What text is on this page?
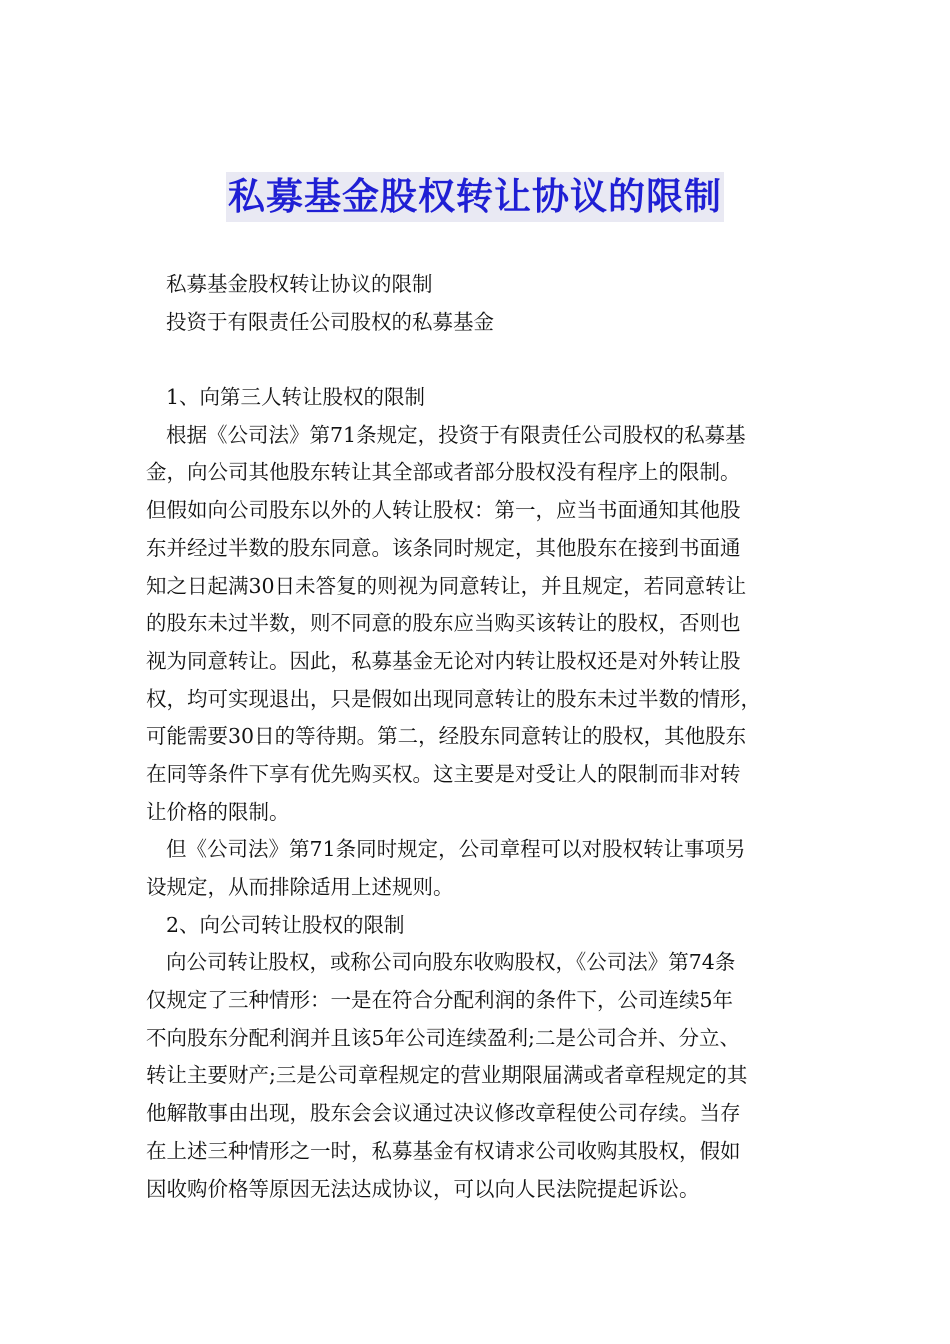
私募基金股权转让协议的限制
私募基金股权转让协议的限制
投资于有限责任公司股权的私募基金
1、向第三人转让股权的限制
根据《公司法》第71条规定，投资于有限责任公司股权的私募基
金，向公司其他股东转让其全部或者部分股权没有程序上的限制。
但假如向公司股东以外的人转让股权：第一，应当书面通知其他股
东并经过半数的股东同意。该条同时规定，其他股东在接到书面通
知之日起满30日未答复的则视为同意转让，并且规定，若同意转让
的股东未过半数，则不同意的股东应当购买该转让的股权，否则也
视为同意转让。因此，私募基金无论对内转让股权还是对外转让股
权，均可实现退出，只是假如出现同意转让的股东未过半数的情形，
可能需要30日的等待期。第二，经股东同意转让的股权，其他股东
在同等条件下享有优先购买权。这主要是对受让人的限制而非对转
让价格的限制。
但《公司法》第71条同时规定，公司章程可以对股权转让事项另
设规定，从而排除适用上述规则。
2、向公司转让股权的限制
向公司转让股权，或称公司向股东收购股权，《公司法》第74条
仅规定了三种情形：一是在符合分配利润的条件下，公司连续5年
不向股东分配利润并且该5年公司连续盈利;二是公司合并、分立、
转让主要财产;三是公司章程规定的营业期限届满或者章程规定的其
他解散事由出现，股东会会议通过决议修改章程使公司存续。当存
在上述三种情形之一时，私募基金有权请求公司收购其股权，假如
因收购价格等原因无法达成协议，可以向人民法院提起诉讼。
